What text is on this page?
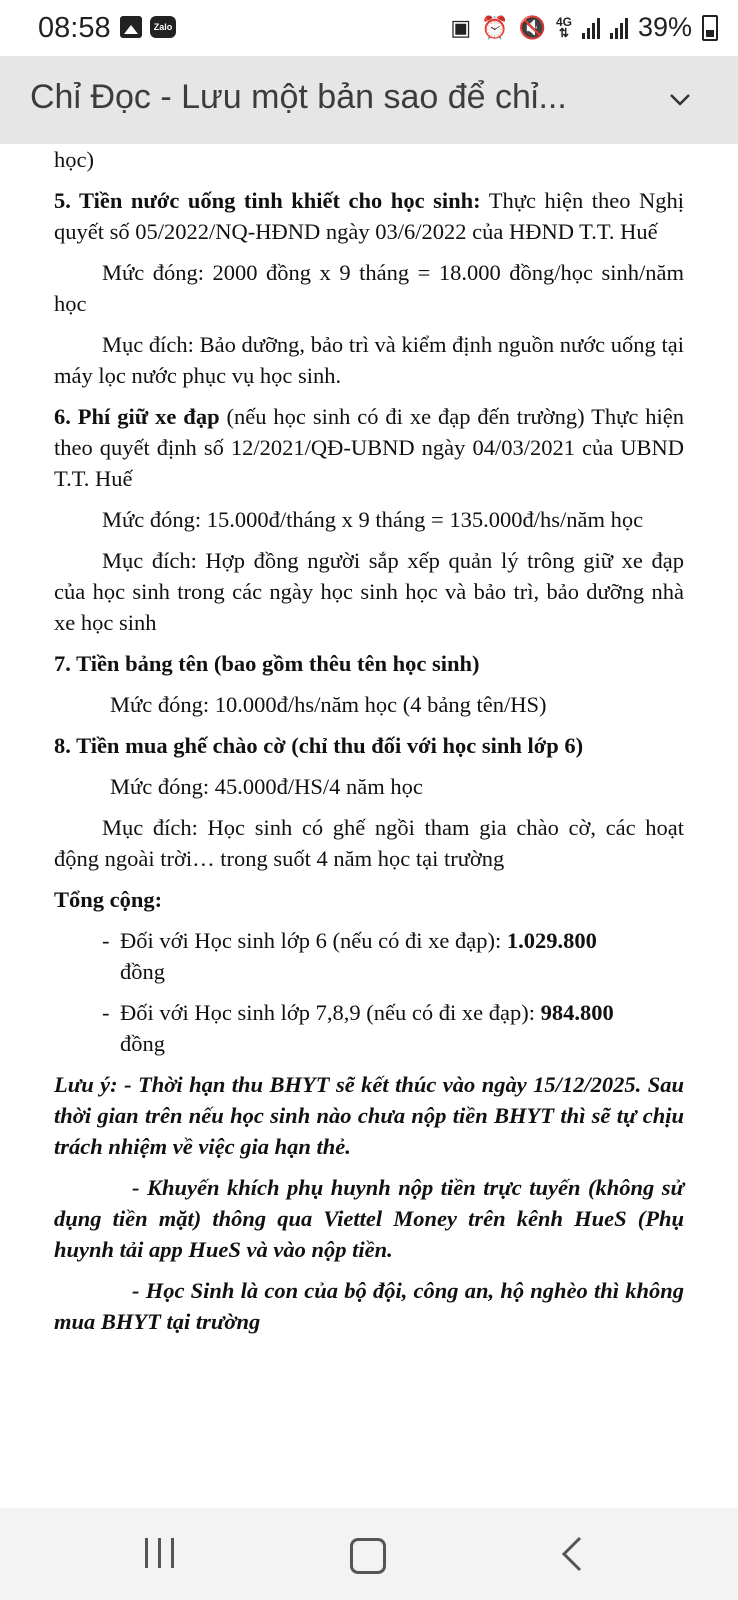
08:58	Zalo	▣ ⏰ 🔇 4G
⇅	39%
Chỉ Đọc - Lưu một bản sao để chỉ...

học)

5. Tiền nước uống tinh khiết cho học sinh: Thực hiện theo Nghị quyết số 05/2022/NQ-HĐND ngày 03/6/2022 của HĐND T.T. Huế

Mức đóng: 2000 đồng x 9 tháng = 18.000 đồng/học sinh/năm học

Mục đích: Bảo dưỡng, bảo trì và kiểm định nguồn nước uống tại máy lọc nước phục vụ học sinh.

6. Phí giữ xe đạp (nếu học sinh có đi xe đạp đến trường) Thực hiện theo quyết định số 12/2021/QĐ-UBND ngày 04/03/2021 của UBND T.T. Huế

Mức đóng: 15.000đ/tháng x 9 tháng = 135.000đ/hs/năm học

Mục đích: Hợp đồng người sắp xếp quản lý trông giữ xe đạp của học sinh trong các ngày học sinh học và bảo trì, bảo dưỡng nhà xe học sinh

7. Tiền bảng tên (bao gồm thêu tên học sinh)

Mức đóng: 10.000đ/hs/năm học (4 bảng tên/HS)

8. Tiền mua ghế chào cờ (chỉ thu đối với học sinh lớp 6)

Mức đóng: 45.000đ/HS/4 năm học

Mục đích: Học sinh có ghế ngồi tham gia chào cờ, các hoạt động ngoài trời… trong suốt 4 năm học tại trường

Tổng cộng:

- Đối với Học sinh lớp 6 (nếu có đi xe đạp): 1.029.800
đồng
- Đối với Học sinh lớp 7,8,9 (nếu có đi xe đạp): 984.800
đồng

Lưu ý: - Thời hạn thu BHYT sẽ kết thúc vào ngày 15/12/2025. Sau thời gian trên nếu học sinh nào chưa nộp tiền BHYT thì sẽ tự chịu trách nhiệm về việc gia hạn thẻ.

- Khuyến khích phụ huynh nộp tiền trực tuyến (không sử dụng tiền mặt) thông qua Viettel Money trên kênh HueS (Phụ huynh tải app HueS và vào nộp tiền.

- Học Sinh là con của bộ đội, công an, hộ nghèo thì không mua BHYT tại trường
